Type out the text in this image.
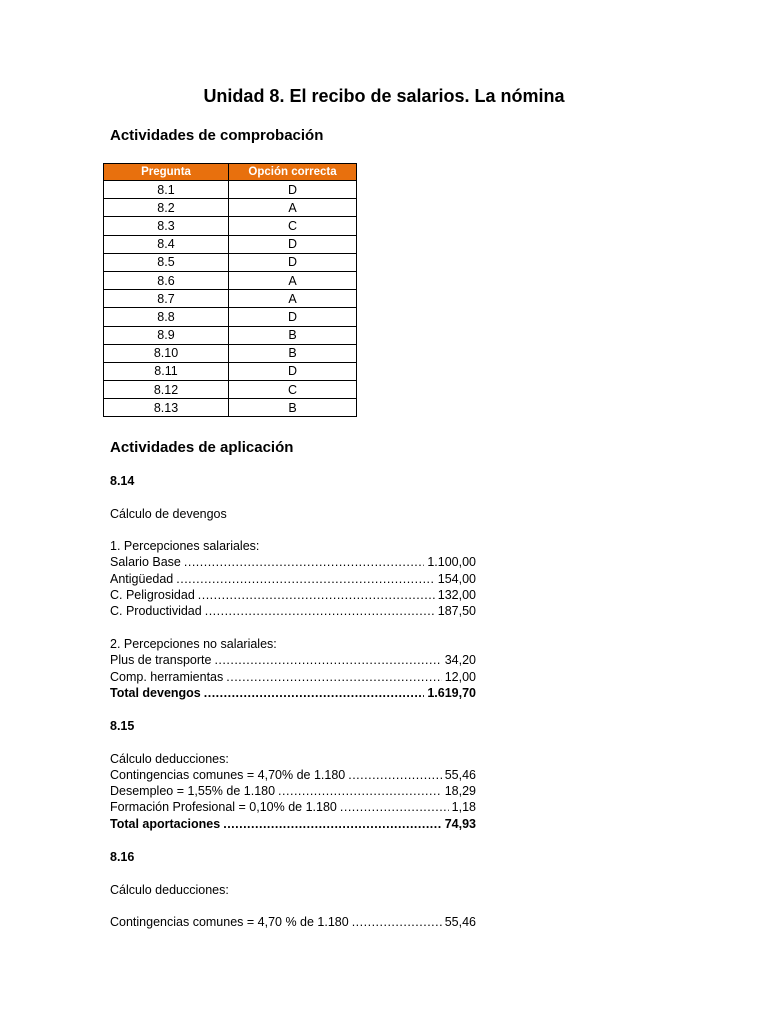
Unidad 8. El recibo de salarios. La nómina
Actividades de comprobación
Pregunta	Opción correcta
8.1	D
8.2	A
8.3	C
8.4	D
8.5	D
8.6	A
8.7	A
8.8	D
8.9	B
8.10	B
8.11	D
8.12	C
8.13	B
Actividades de aplicación
8.14
Cálculo de devengos
1. Percepciones salariales:
Salario Base .....	1.100,00
Antigüedad .....	154,00
C. Peligrosidad .....	132,00
C. Productividad .....	187,50
2. Percepciones no salariales:
Plus de transporte .....	34,20
Comp. herramientas .....	12,00
Total devengos .....	1.619,70
8.15
Cálculo deducciones:
Contingencias comunes = 4,70% de 1.180 .....	55,46
Desempleo = 1,55% de 1.180 .....	18,29
Formación Profesional = 0,10% de 1.180 .....	1,18
Total aportaciones .....	74,93
8.16
Cálculo deducciones:
Contingencias comunes = 4,70 % de 1.180 .....	55,46
